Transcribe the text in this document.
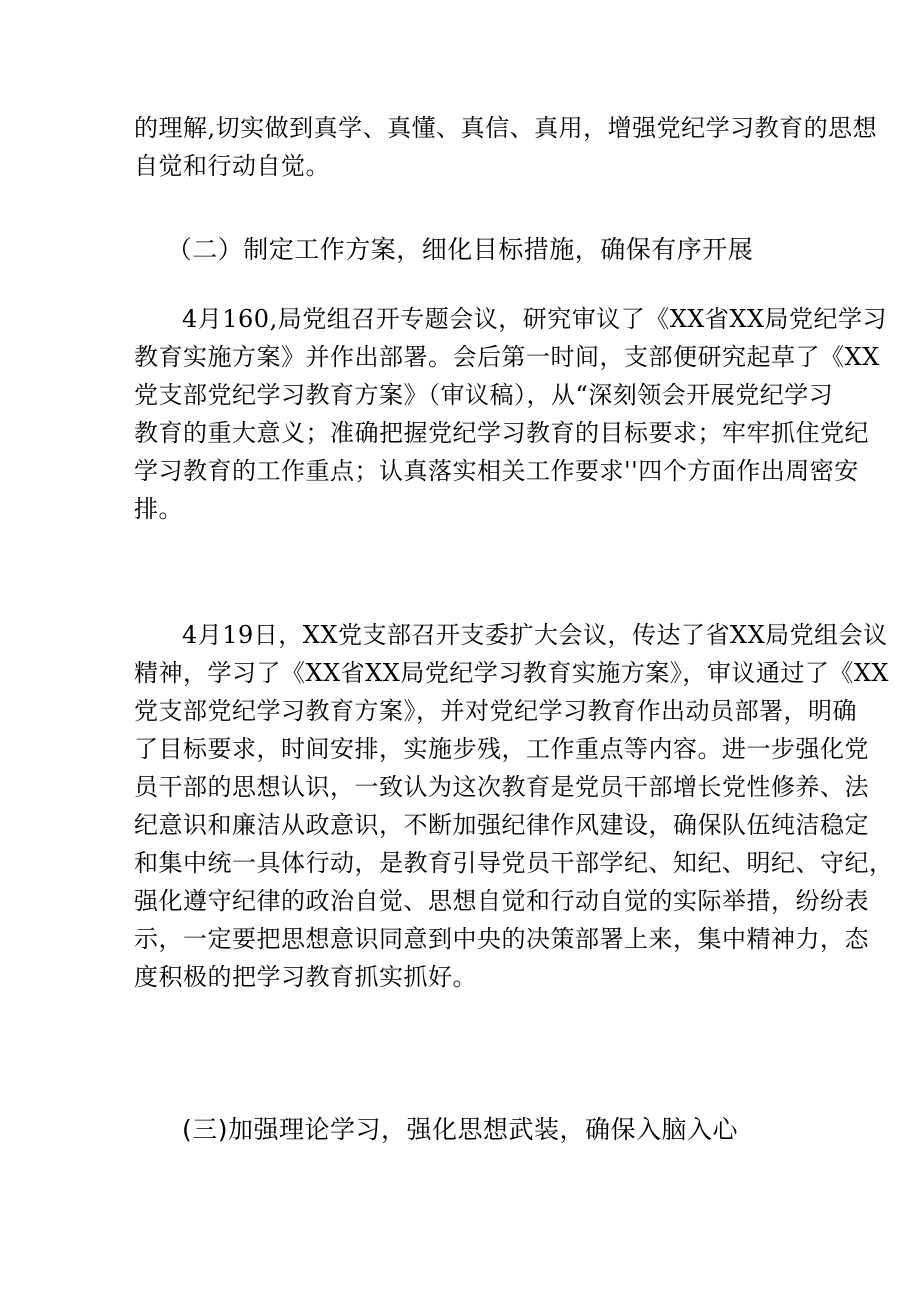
的理解,切实做到真学、真懂、真信、真用，增强党纪学习教育的思想
自觉和行动自觉。

（二）制定工作方案，细化目标措施，确保有序开展

4月160,局党组召开专题会议，研究审议了《XX省XX局党纪学习
教育实施方案》并作出部署。会后第一时间，支部便研究起草了《XX
党支部党纪学习教育方案》（审议稿），从“深刻领会开展党纪学习
教育的重大意义；准确把握党纪学习教育的目标要求；牢牢抓住党纪
学习教育的工作重点；认真落实相关工作要求''四个方面作出周密安
排。

4月19日，XX党支部召开支委扩大会议，传达了省XX局党组会议
精神，学习了《XX省XX局党纪学习教育实施方案》，审议通过了《XX
党支部党纪学习教育方案》，并对党纪学习教育作出动员部署，明确
了目标要求，时间安排，实施步残，工作重点等内容。进一步强化党
员干部的思想认识，一致认为这次教育是党员干部增长党性修养、法
纪意识和廉洁从政意识，不断加强纪律作风建设，确保队伍纯洁稳定
和集中统一具体行动，是教育引导党员干部学纪、知纪、明纪、守纪，
强化遵守纪律的政治自觉、思想自觉和行动自觉的实际举措，纷纷表
示，一定要把思想意识同意到中央的决策部署上来，集中精神力，态
度积极的把学习教育抓实抓好。

(三)加强理论学习，强化思想武装，确保入脑入心
